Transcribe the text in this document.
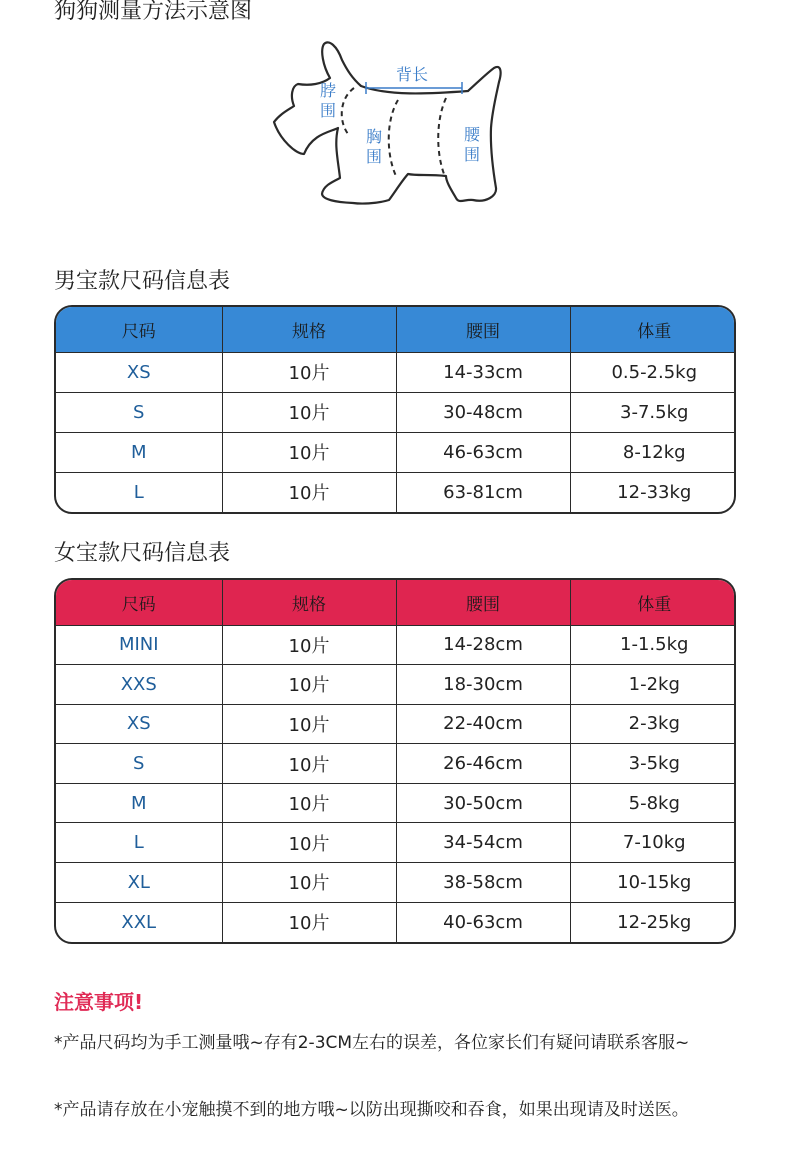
狗狗测量方法示意图
背长
脖
围
胸
围
腰
围
男宝款尺码信息表
尺码	规格	腰围	体重
XS	10片	14-33cm	0.5-2.5kg
S	10片	30-48cm	3-7.5kg
M	10片	46-63cm	8-12kg
L	10片	63-81cm	12-33kg
女宝款尺码信息表
尺码	规格	腰围	体重
MINI	10片	14-28cm	1-1.5kg
XXS	10片	18-30cm	1-2kg
XS	10片	22-40cm	2-3kg
S	10片	26-46cm	3-5kg
M	10片	30-50cm	5-8kg
L	10片	34-54cm	7-10kg
XL	10片	38-58cm	10-15kg
XXL	10片	40-63cm	12-25kg
注意事项!
*产品尺码均为手工测量哦~存有2-3CM左右的误差，各位家长们有疑问请联系客服~
*产品请存放在小宠触摸不到的地方哦~以防出现撕咬和吞食，如果出现请及时送医。
